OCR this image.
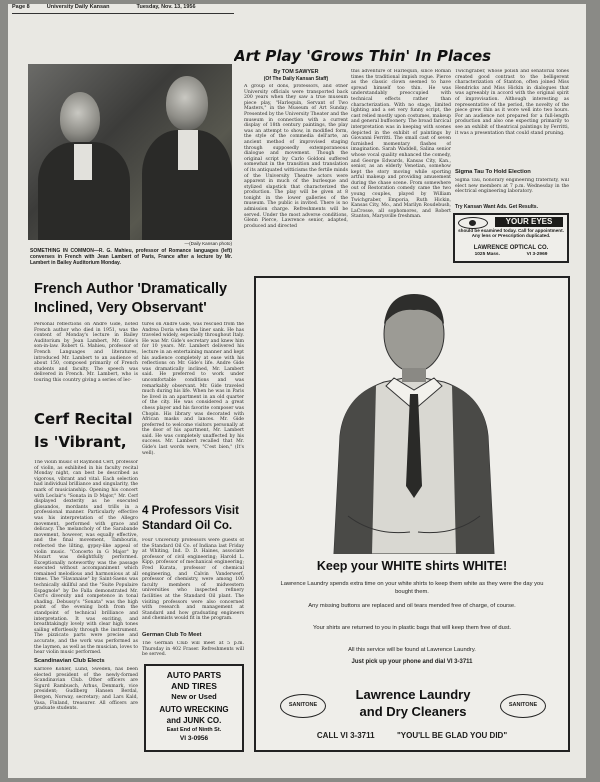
Page 8	University Daily Kansan	Tuesday, Nov. 13, 1956
—(Daily Kansan photo)
SOMETHING IN COMMON—R. G. Mahieu, professor of Romance languages (left) converses in French with Jean Lambert of Paris, France after a lecture by Mr. Lambert in Bailey Auditorium Monday.
Art Play 'Grows Thin' In Places
By TOM SAWYER
(Of The Daily Kansan Staff)
A group of dons, professors, and other University officials were transported back 200 years when they saw a true museum piece play, "Harlequin, Servant of Two Masters," in the Museum of Art Sunday. Presented by the University Theater and the museum in connection with a current display of 18th century paintings, the play was an attempt to show, in modified form, the style of the commedia dell'arte, an ancient method of improvised staging through supposedly extemporaneous dialogue and movement. Though the original script by Carlo Goldoni suffered somewhat in the transition and translation of its antiquated witticisms the fertile minds of the University Theatre actors were apparent in much of the burlesque and stylized slapstick that characterized the production. The play will be given at 8 tonight in the lower galleries of the museum. The public is invited. There is no admission charge. Refreshments will be served. Under the most adverse conditions, Glenn Pierce, Lawrence senior, adapted, produced and directed
this adventure of Harlequin, since Roman times the traditional impish rogue. Pierce as the classic clown seemed to have spread himself too thin. He was understandably preoccupied with technical effects rather than characterization. With no stage, limited lighting and a set very funny script, the cast relied mostly upon costumes, makeup and general buffoonery. The broad farcical interpretation was in keeping with scenes depicted in the exhibit of paintings by Giovanni Ferritti. The small cast of seven furnished momentary flashes of imagination. Sarah Waddell, Salina senior whose vocal quality enhanced the comedy, and George Edwards, Kansas City, Kan., senior, as an elderly Venetian, somehow kept the story moving while sporting artful makeup and providing amusement during the chase scene. From somewhere out of Restoration comedy came the two young couples, played by William Twichgraber, Emporia, Ruth Hickin, Kansas City, Mo., and Marilyn Roudebush, LaCrosse, all sophomores, and Robert Stanton, Marysville freshman.
Twichgraber, whose polish and senatorial tones created good contrast to the belligerent characterization of Stanton, often joined Miss Hendricks and Miss Hickin in dialogues that was agreeably in accord with the original spirit of improvisation. Although interesting as representative of the period, the novelty of the piece grew thin as it wore well into two hours. For an audience not prepared for a full-length production and also one expecting primarily to see an exhibit of theatrical paintings by Ferritti, it was a presentation that could stand pruning.
Sigma Tau To Hold Election
Sigma Tau, honorary engineering fraternity, will elect new members at 7 p.m. Wednesday in the electrical engineering laboratory.
Try Kansan Want Ads. Get Results.
YOUR EYES
should be examined today. Call for appointment. Any lens or Prescription duplicated.
LAWRENCE OPTICAL CO.
1025 Mass.	VI 3-2969
French Author 'Dramatically Inclined, Very Observant'
Personal reflections on Andre Gide, noted French author who died in 1951, was the content of Monday's lecture in Bailey Auditorium by Jean Lambert, Mr. Gide's son-in-law. Robert G. Mahieu, professor of French Languages and literatures, introduced Mr. Lambert to an audience of about 150, composed primarily of French students and faculty. The speech was delivered in French. Mr. Lambert, who is touring this country giving a series of lec-
tures on Andre Gide, was rescued from the Andrea Doria when the liner sank. He has traveled widely, especially throughout Italy. He was Mr. Gide's secretary and knew him for 10 years. Mr. Lambert delivered his lecture in an entertaining manner and kept his audience completely at ease with his reflections on Mr. Gide's life. Andre Gide was dramatically inclined, Mr. Lambert said. He preferred to work under uncomfortable conditions and was remarkably observant. Mr. Gide traveled much during his life. When he was in Paris he lived in an apartment in an old quarter of the city. He was considered a great chess player and his favorite composer was Chopin. His library was decorated with African masks and lances. Mr. Gide preferred to welcome visitors personally at the door of his apartment, Mr. Lambert said. He was completely unaffected by his success. Mr. Lambert recalled that Mr. Gide's last words were, "C'est bien," (It's well).
Cerf Recital Is 'Vibrant,
The violin music of Raymond Cerf, professor of violin, as exhibited in his faculty recital Monday night, can best be described as vigorous, vibrant and vital. Each selection had individual brilliance and singularity, the mark of musicianship. Opening his concert with Leclair's "Sonata in D Major," Mr. Cerf displayed dexterity as he executed glissandos, mordants and trills in a professional manner. Particularly effective was his interpretation of the Allegro movement, performed with grace and delicacy. The melancholy of the Sarabande movement, however, was equally effective, and the final movement, Tambourin, reflected the lilting, gypsy-like appeal of violin music. "Concerto in G Major" by Mozart was delightfully performed. Exceptionally noteworthy was the passage executed without accompaniment which remained melodious and harmonious at all times. The "Havanaise" by Saint-Saens was technically skillful and the "Suite Populaire Espagnole" by De Falla demonstrated Mr. Cerf's diversity and competence in tonal shading. Debussy's "Sonata" was the high point of the evening both from the standpoint of technical brilliance and interpretation. It was exciting, and breathtakingly lovely with clear high tones sailing effortlessly through the instrument. The pizzicato parts were precise and accurate, and the work was performed as the laymen, as well as the musician, loves to hear violin music performed.
Scandinavian Club Elects
Karlove Kohler, Lund, Sweden, has been elected president of the newly-formed Scandinavian Club. Other officers are Sigurd Rambusch, Arhus, Denmark, vice president; Gudlberg Hansen Berdal, Bergen, Norway, secretary; and Lars Kald, Vasa, Finland, treasurer. All officers are graduate students.
4 Professors Visit Standard Oil Co.
Four University professors were guests of the Standard Oil Co. of Indiana last Friday at Whiting, Ind. D. D. Haines, associate professor of civil engineering; Harold L. Kipp, professor of mechanical engineering; Fred Kurata, professor of chemical engineering, and Calvin Vanderwerf, professor of chemistry, were among 100 faculty members of midwestern universities who inspected refinery facilities at the Standard Oil plant. The visiting professors were also concerned with research and management at Standard and how graduating engineers and chemists would fit in the program.
German Club To Meet
The German Club will meet at 5 p.m. Thursday in 402 Fraser. Refreshments will be served.
AUTO PARTS
AND TIRES
New or Used
AUTO WRECKING
and JUNK CO.
East End of Ninth St.
VI 3-0956
Keep your WHITE shirts WHITE!
Lawrence Laundry spends extra time on your white shirts to keep them white as they were the day you bought them.
Any missing buttons are replaced and oil tears mended free of charge, of course.
Your shirts are returned to you in plastic bags that will keep them free of dust.
All this service will be found at Lawrence Laundry.
Just pick up your phone and dial VI 3-3711
SANITONE	SANITONE
Lawrence Laundry
and Dry Cleaners
CALL VI 3-3711	"YOU'LL BE GLAD YOU DID"
